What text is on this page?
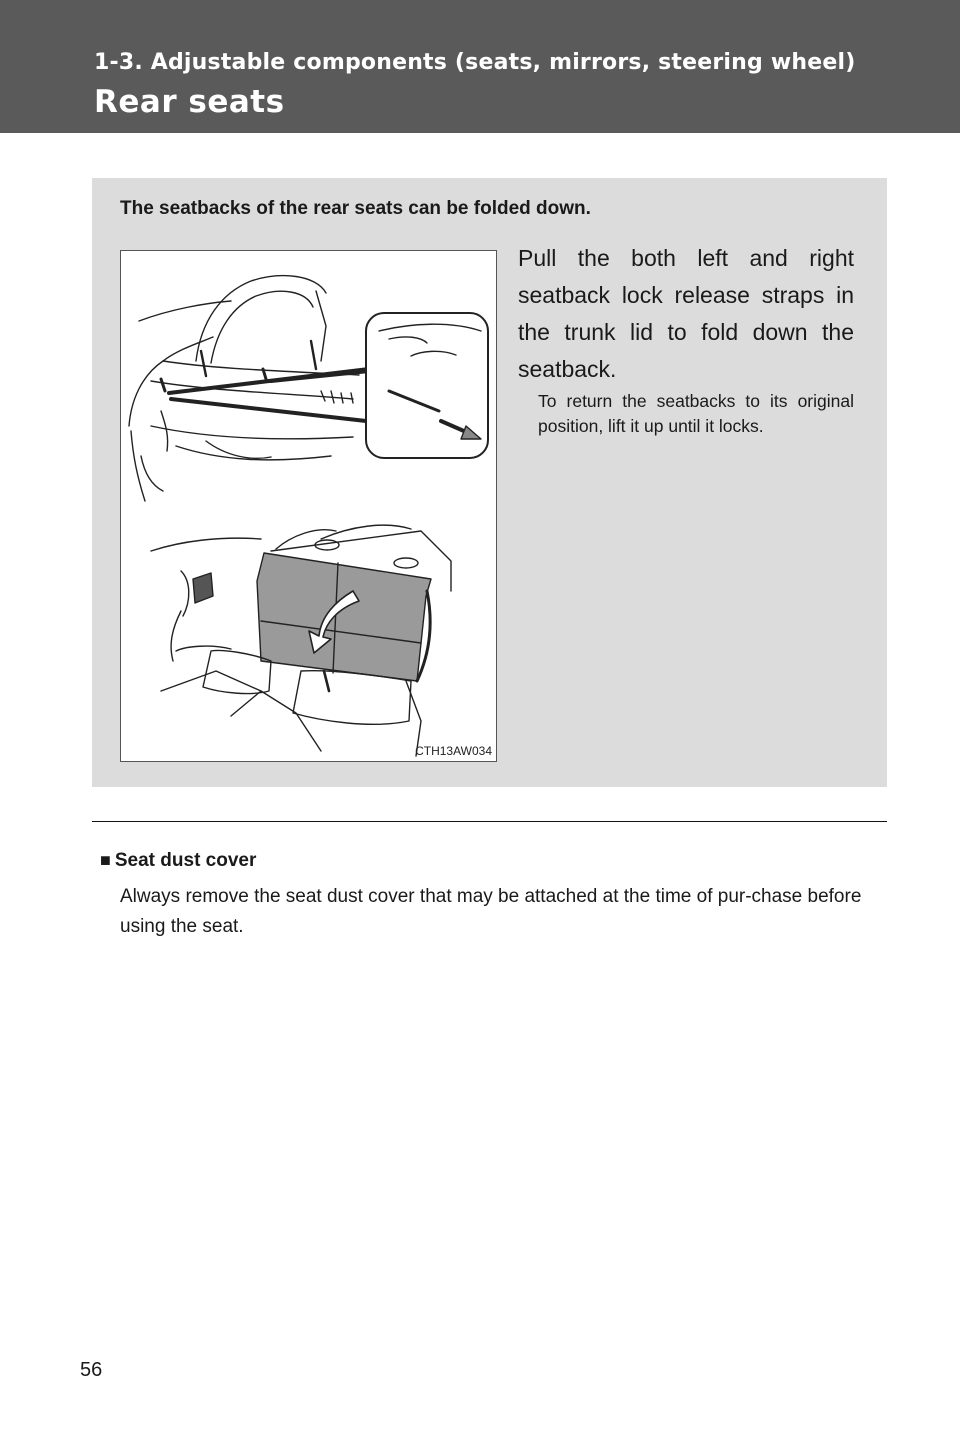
1-3. Adjustable components (seats, mirrors, steering wheel)
Rear seats

The seatbacks of the rear seats can be folded down.

CTH13AW034

Pull the both left and right seatback lock release straps in the trunk lid to fold down the seatback.

To return the seatbacks to its original position, lift it up until it locks.

■ Seat dust cover

Always remove the seat dust cover that may be attached at the time of pur-chase before using the seat.

56
